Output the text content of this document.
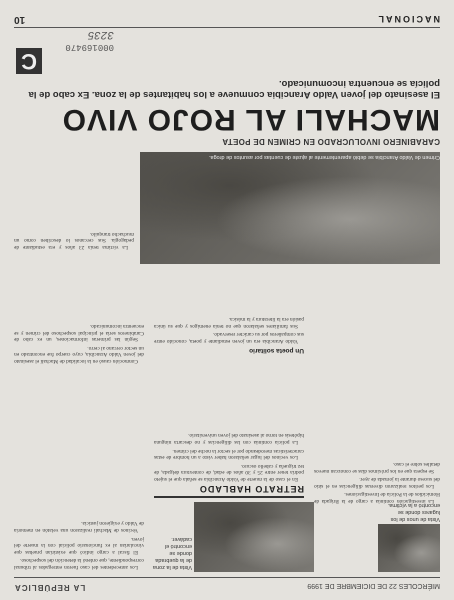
MIÉRCOLES 22 DE DICIEMBRE DE 1999
LA REPÚBLICA
Vista de unos de los lugares donde se encontró a la víctima.
Vista de la zona de la quebrada donde se encontró el cadáver.
RETRATO HABLADO

En el caso de la muerte de Valdo Arancibia se señala que el sujeto podría tener entre 25 y 30 años de edad, de contextura delgada, de tez trigueña y cabello oscuro.

Los vecinos del lugar señalaron haber visto a un hombre de estas características merodeando por el sector la noche del crimen.

La policía continúa con las diligencias y no descarta ninguna hipótesis en torno al asesinato del joven universitario.

La investigación continúa a cargo de la Brigada de Homicidios de la Policía de Investigaciones.

Los peritos realizaron diversas diligencias en el sitio del suceso durante la jornada de ayer.

Se espera que en los próximos días se conozcan nuevos detalles sobre el caso.

Los antecedentes del caso fueron entregados al tribunal correspondiente, que ordenó la detención del sospechoso.

El fiscal a cargo indicó que existirían pruebas que vincularían al ex funcionario policial con la muerte del joven.

Vecinos de Machalí realizaron una velatón en memoria de Valdo y exigieron justicia.

Un poeta solitario

Valdo Arancibia era un joven estudiante y poeta, conocido entre sus compañeros por su carácter reservado.

Sus familiares señalaron que no tenía enemigos y que su única pasión era la literatura y la música.

Conmoción causó en la localidad de Machalí el asesinato del joven Valdo Arancibia, cuyo cuerpo fue encontrado en un sector cercano al cerro.

Según las primeras informaciones, un ex cabo de Carabineros sería el principal sospechoso del crimen y se encuentra incomunicado.

Crimen de Valdo Arancibia se debió aparentemente al ajuste de cuentas por asuntos de droga.

La víctima tenía 23 años y era estudiante de pedagogía. Sus cercanos lo describen como un muchacho tranquilo.

CARABINERO INVOLUCRADO EN CRIMEN DE POETA
MACHALI AL ROJO VIVO
El asesinato del joven Valdo Arancibia conmueve a los habitantes de la zona. Ex cabo de la policía se encuentra incomunicado.
C
NACIONAL
10
000169470
3235
